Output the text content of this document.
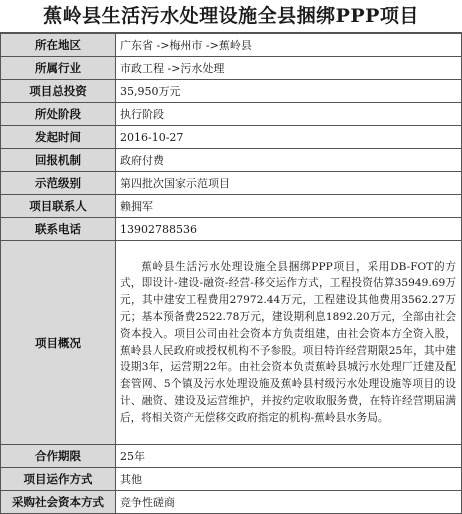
蕉岭县生活污水处理设施全县捆绑PPP项目
所在地区	广东省 ->梅州市 ->蕉岭县
所属行业	市政工程 ->污水处理
项目总投资	35,950万元
所处阶段	执行阶段
发起时间	2016-10-27
回报机制	政府付费
示范级别	第四批次国家示范项目
项目联系人	赖拥军
联系电话	13902788536
项目概况	蕉岭县生活污水处理设施全县捆绑PPP项目，采用DB-FOT的方式，即设计-建设-融资-经营-移交运作方式，工程投资估算35949.69万元，其中建安工程费用27972.44万元，工程建设其他费用3562.27万元；基本预备费2522.78万元，建设期利息1892.20万元，全部由社会资本投入。项目公司由社会资本方负责组建，由社会资本方全资入股，蕉岭县人民政府或授权机构不予参股。项目特许经营期限25年，其中建设期3年，运营期22年。由社会资本负责蕉岭县城污水处理厂迁建及配套管网、5个镇及污水处理设施及蕉岭县村级污水处理设施等项目的设计、融资、建设及运营维护，并按约定收取服务费，在特许经营期届满后，将相关资产无偿移交政府指定的机构-蕉岭县水务局。
合作期限	25年
项目运作方式	其他
采购社会资本方式	竞争性磋商
